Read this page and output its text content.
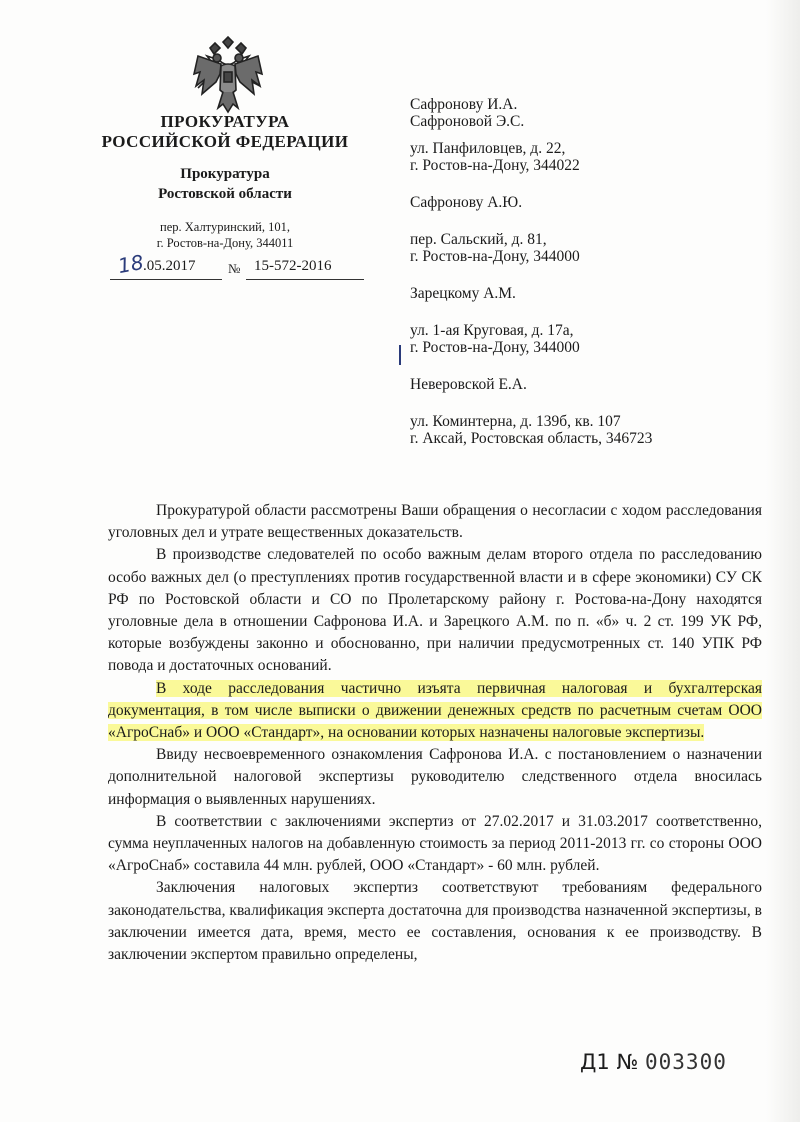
ПРОКУРАТУРА
РОССИЙСКОЙ ФЕДЕРАЦИИ
Прокуратура
Ростовской области
пер. Халтуринский, 101,
г. Ростов-на-Дону, 344011
18
.05.2017	№ 15-572-2016
Сафронову И.А.
Сафроновой Э.С.
ул. Панфиловцев, д. 22,
г. Ростов-на-Дону, 344022
Сафронову А.Ю.
пер. Сальский, д. 81,
г. Ростов-на-Дону, 344000
Зарецкому А.М.
ул. 1-ая Круговая, д. 17а,
г. Ростов-на-Дону, 344000
Неверовской Е.А.
ул. Коминтерна, д. 139б, кв. 107
г. Аксай, Ростовская область, 346723

Прокуратурой области рассмотрены Ваши обращения о несогласии с ходом расследования уголовных дел и утрате вещественных доказательств.

В производстве следователей по особо важным делам второго отдела по расследованию особо важных дел (о преступлениях против государственной власти и в сфере экономики) СУ СК РФ по Ростовской области и СО по Пролетарскому району г. Ростова-на-Дону находятся уголовные дела в отношении Сафронова И.А. и Зарецкого А.М. по п. «б» ч. 2 ст. 199 УК РФ, которые возбуждены законно и обоснованно, при наличии предусмотренных ст. 140 УПК РФ повода и достаточных оснований.

В ходе расследования частично изъята первичная налоговая и бухгалтерская документация, в том числе выписки о движении денежных средств по расчетным счетам ООО «АгроСнаб» и ООО «Стандарт», на основании которых назначены налоговые экспертизы.

Ввиду несвоевременного ознакомления Сафронова И.А. с постановлением о назначении дополнительной налоговой экспертизы руководителю следственного отдела вносилась информация о выявленных нарушениях.

В соответствии с заключениями экспертиз от 27.02.2017 и 31.03.2017 соответственно, сумма неуплаченных налогов на добавленную стоимость за период 2011-2013 гг. со стороны ООО «АгроСнаб» составила 44 млн. рублей, ООО «Стандарт» - 60 млн. рублей.

Заключения налоговых экспертиз соответствуют требованиям федерального законодательства, квалификация эксперта достаточна для производства назначенной экспертизы, в заключении имеется дата, время, место ее составления, основания к ее производству. В заключении экспертом правильно определены,

Д1 № 003300
